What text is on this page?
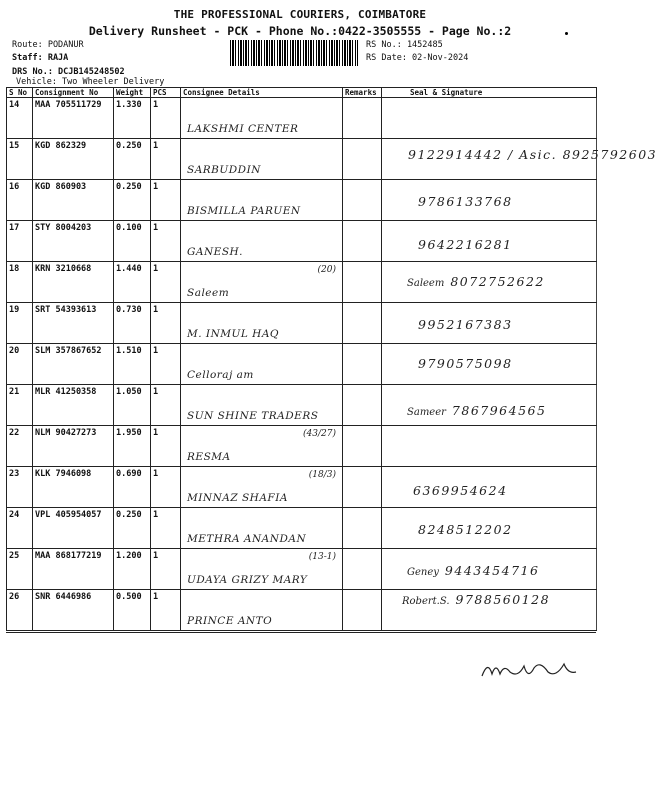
THE PROFESSIONAL COURIERS, COIMBATORE
Delivery Runsheet - PCK - Phone No.:0422-3505555 - Page No.:2
Route: PODANUR
Staff: RAJA
DRS No.: DCJB145248502
Vehicle: Two Wheeler Delivery
RS No.: 1452485
RS Date: 02-Nov-2024
S No	Consignment No	Weight	PCS	Consignee Details	Remarks	Seal & Signature
14	MAA 705511729	1.330	1	LAKSHMI CENTER		

15	KGD 862329	0.250	1	SARBUDDIN		9122914442 / Asic. 8925792603

16	KGD 860903	0.250	1	BISMILLA PARUEN		9786133768

17	STY 8004203	0.100	1	GANESH.		9642216281

18	KRN 3210668	1.440	1	(20)
Saleem		Saleem 8072752622

19	SRT 54393613	0.730	1	M. INMUL HAQ		9952167383

20	SLM 357867652	1.510	1	Celloraj am		9790575098

21	MLR 41250358	1.050	1	SUN SHINE TRADERS		Sameer 7867964565

22	NLM 90427273	1.950	1	(43/27)
RESMA		

23	KLK 7946098	0.690	1	(18/3)
MINNAZ SHAFIA		6369954624

24	VPL 405954057	0.250	1	METHRA ANANDAN		8248512202

25	MAA 868177219	1.200	1	(13-1)
UDAYA GRIZY MARY		Geney 9443454716

26	SNR 6446986	0.500	1	PRINCE ANTO		Robert.S. 9788560128
